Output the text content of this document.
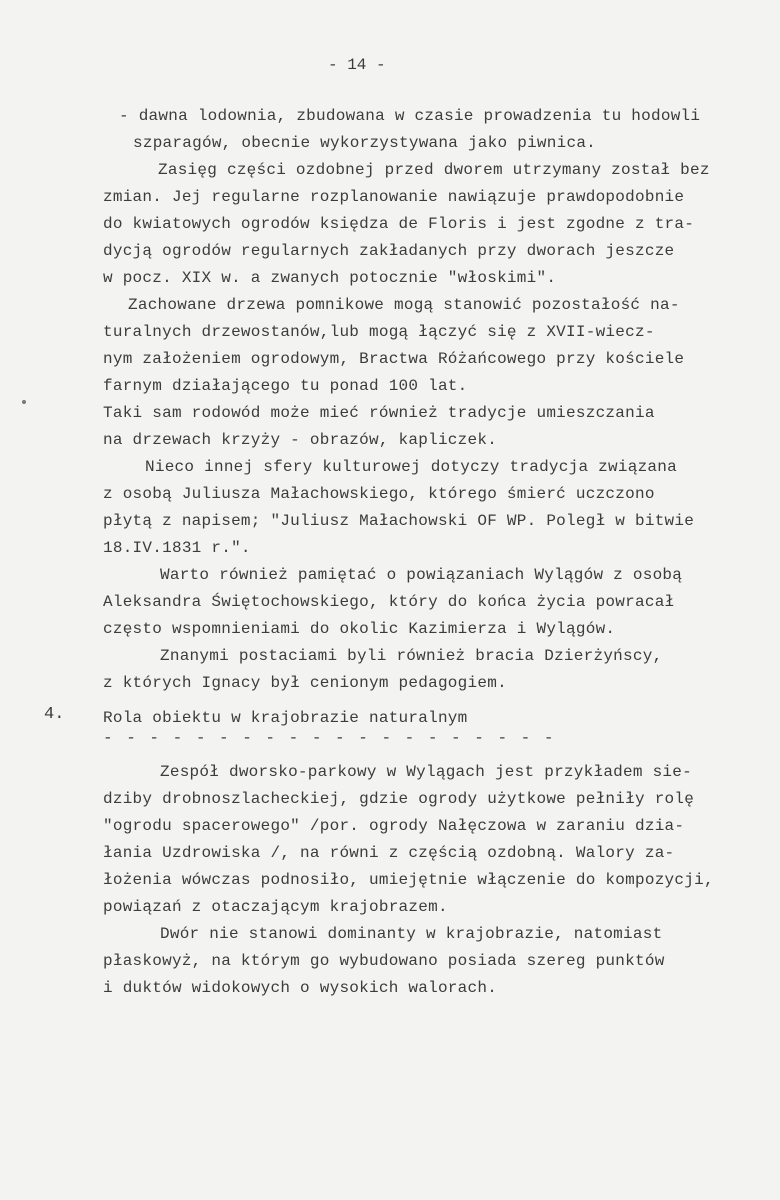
- 14 -
- dawna lodownia, zbudowana w czasie prowadzenia tu hodowli
szparagów, obecnie wykorzystywana jako piwnica.
Zasięg części ozdobnej przed dworem utrzymany został bez
zmian. Jej regularne rozplanowanie nawiązuje prawdopodobnie
do kwiatowych ogrodów księdza de Floris i jest zgodne z tra-
dycją ogrodów regularnych zakładanych przy dworach jeszcze
w pocz. XIX w. a zwanych potocznie "włoskimi".
Zachowane drzewa pomnikowe mogą stanowić pozostałość na-
turalnych drzewostanów,lub mogą łączyć się z XVII-wiecz-
nym założeniem ogrodowym, Bractwa Różańcowego przy kościele
farnym działającego tu ponad 100 lat.
Taki sam rodowód może mieć również tradycje umieszczania
na drzewach krzyży - obrazów, kapliczek.
Nieco innej sfery kulturowej dotyczy tradycja związana
z osobą Juliusza Małachowskiego, którego śmierć uczczono
płytą z napisem; "Juliusz Małachowski OF WP. Poległ w bitwie
18.IV.1831 r.".
Warto również pamiętać o powiązaniach Wylągów z osobą
Aleksandra Świętochowskiego, który do końca życia powracał
często wspomnieniami do okolic Kazimierza i Wylągów.
Znanymi postaciami byli również bracia Dzierżyńscy,
z których Ignacy był cenionym pedagogiem.
4. Rola obiektu w krajobrazie naturalnym
- - - - - - - - - - - - - - - - - - - -
Zespół dworsko-parkowy w Wylągach jest przykładem sie-
dziby drobnoszlacheckiej, gdzie ogrody użytkowe pełniły rolę
"ogrodu spacerowego" /por. ogrody Nałęczowa w zaraniu dzia-
łania Uzdrowiska /, na równi z częścią ozdobną. Walory za-
łożenia wówczas podnosiło, umiejętnie włączenie do kompozycji,
powiązań z otaczającym krajobrazem.
Dwór nie stanowi dominanty w krajobrazie, natomiast
płaskowyż, na którym go wybudowano posiada szereg punktów
i duktów widokowych o wysokich walorach.
